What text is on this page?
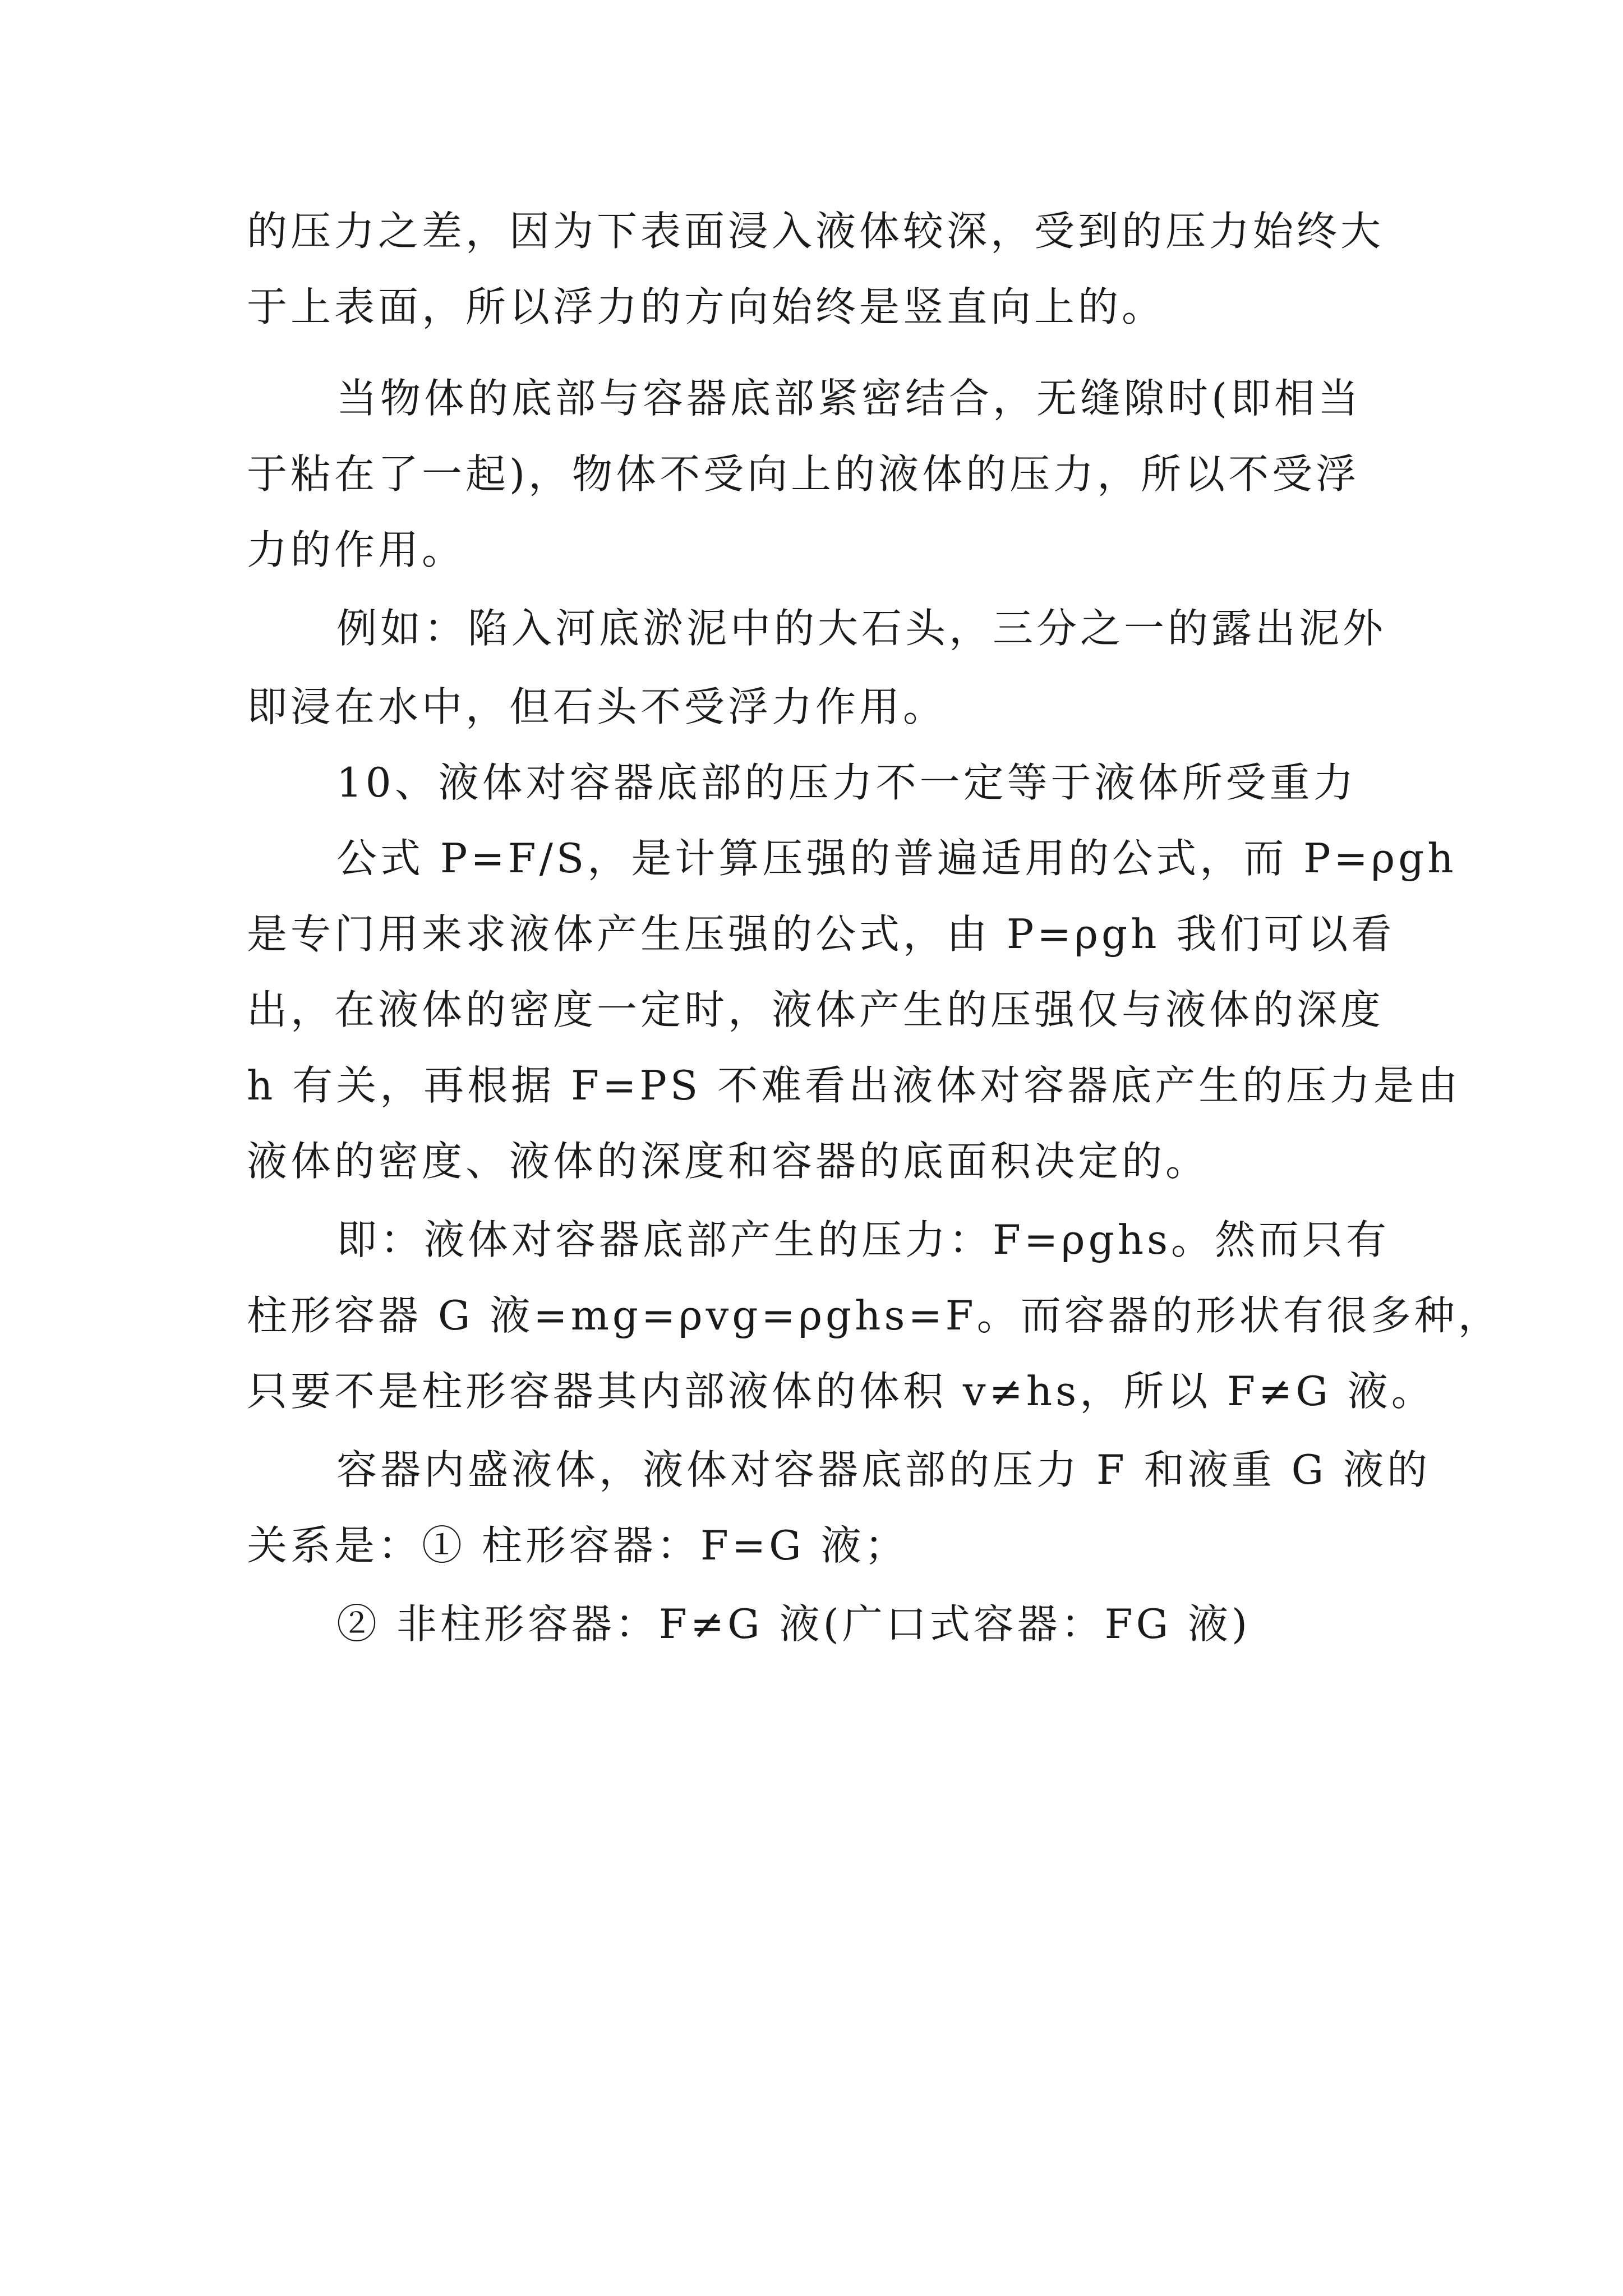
的压力之差，因为下表面浸入液体较深，受到的压力始终大

于上表面，所以浮力的方向始终是竖直向上的。

当物体的底部与容器底部紧密结合，无缝隙时(即相当

于粘在了一起)，物体不受向上的液体的压力，所以不受浮

力的作用。

例如：陷入河底淤泥中的大石头，三分之一的露出泥外

即浸在水中，但石头不受浮力作用。

10、液体对容器底部的压力不一定等于液体所受重力

公式 P=F/S，是计算压强的普遍适用的公式，而 P=ρgh

是专门用来求液体产生压强的公式，由 P=ρgh 我们可以看

出，在液体的密度一定时，液体产生的压强仅与液体的深度

h 有关，再根据 F=PS 不难看出液体对容器底产生的压力是由

液体的密度、液体的深度和容器的底面积决定的。

即：液体对容器底部产生的压力：F=ρghs。然而只有

柱形容器 G 液=mg=ρvg=ρghs=F。而容器的形状有很多种，

只要不是柱形容器其内部液体的体积 v≠hs，所以 F≠G 液。

容器内盛液体，液体对容器底部的压力 F 和液重 G 液的

关系是：① 柱形容器：F=G 液；

② 非柱形容器：F≠G 液(广口式容器：FG 液)
